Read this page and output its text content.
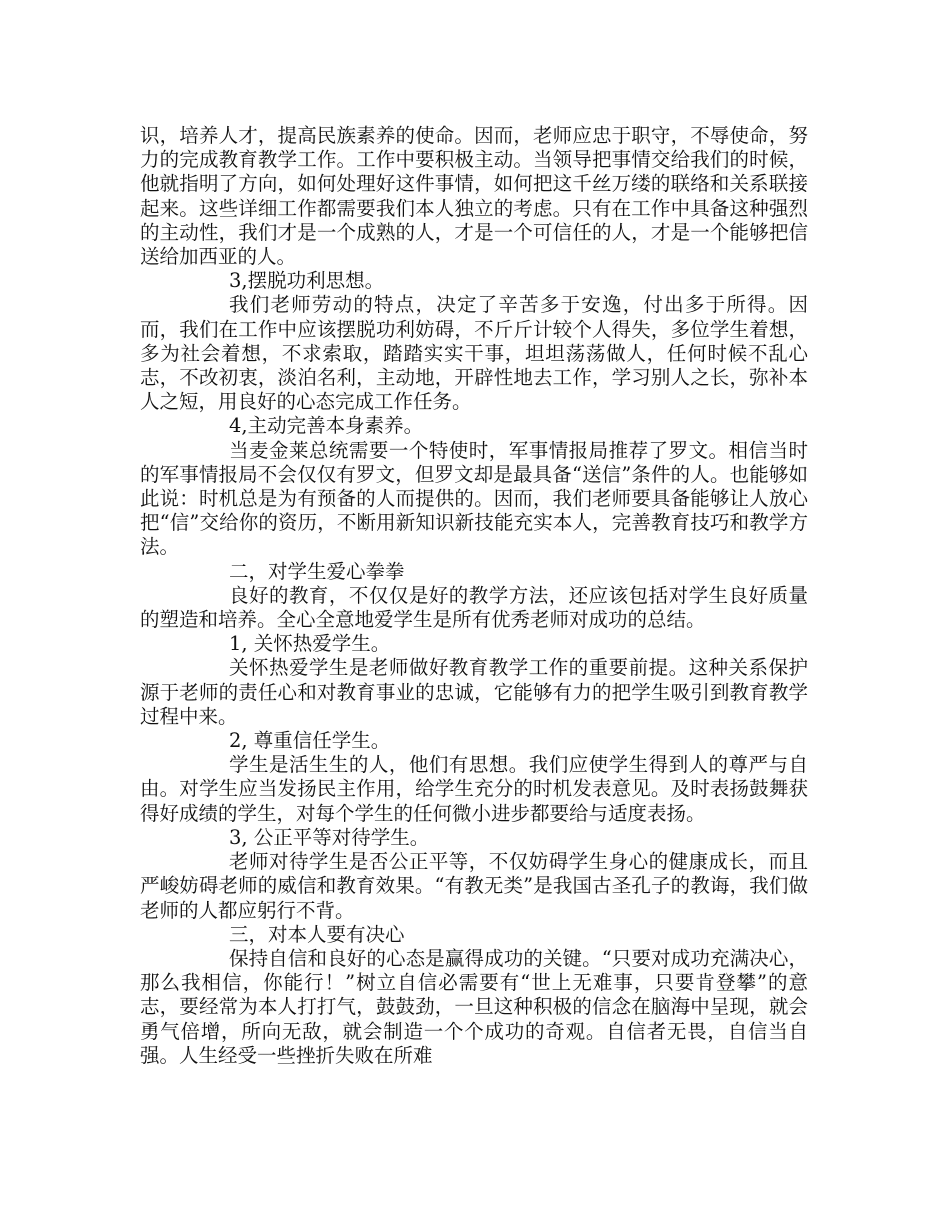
识，培养人才，提高民族素养的使命。因而，老师应忠于职守，不辱使命，努力的完成教育教学工作。工作中要积极主动。当领导把事情交给我们的时候，他就指明了方向，如何处理好这件事情，如何把这千丝万缕的联络和关系联接起来。这些详细工作都需要我们本人独立的考虑。只有在工作中具备这种强烈的主动性，我们才是一个成熟的人，才是一个可信任的人，才是一个能够把信送给加西亚的人。

3,摆脱功利思想。

我们老师劳动的特点，决定了辛苦多于安逸，付出多于所得。因而，我们在工作中应该摆脱功利妨碍，不斤斤计较个人得失，多位学生着想，多为社会着想，不求索取，踏踏实实干事，坦坦荡荡做人，任何时候不乱心志，不改初衷，淡泊名利，主动地，开辟性地去工作，学习别人之长，弥补本人之短，用良好的心态完成工作任务。

4,主动完善本身素养。

当麦金莱总统需要一个特使时，军事情报局推荐了罗文。相信当时的军事情报局不会仅仅有罗文，但罗文却是最具备“送信”条件的人。也能够如此说：时机总是为有预备的人而提供的。因而，我们老师要具备能够让人放心把“信”交给你的资历，不断用新知识新技能充实本人，完善教育技巧和教学方法。

二，对学生爱心拳拳

良好的教育，不仅仅是好的教学方法，还应该包括对学生良好质量的塑造和培养。全心全意地爱学生是所有优秀老师对成功的总结。

1, 关怀热爱学生。

关怀热爱学生是老师做好教育教学工作的重要前提。这种关系保护源于老师的责任心和对教育事业的忠诚，它能够有力的把学生吸引到教育教学过程中来。

2, 尊重信任学生。

学生是活生生的人，他们有思想。我们应使学生得到人的尊严与自由。对学生应当发扬民主作用，给学生充分的时机发表意见。及时表扬鼓舞获得好成绩的学生，对每个学生的任何微小进步都要给与适度表扬。

3, 公正平等对待学生。

老师对待学生是否公正平等，不仅妨碍学生身心的健康成长，而且严峻妨碍老师的威信和教育效果。“有教无类”是我国古圣孔子的教诲，我们做老师的人都应躬行不背。

三，对本人要有决心

保持自信和良好的心态是赢得成功的关键。“只要对成功充满决心，那么我相信，你能行！”树立自信必需要有“世上无难事，只要肯登攀”的意志，要经常为本人打打气，鼓鼓劲，一旦这种积极的信念在脑海中呈现，就会勇气倍增，所向无敌，就会制造一个个成功的奇观。自信者无畏，自信当自强。人生经受一些挫折失败在所难
